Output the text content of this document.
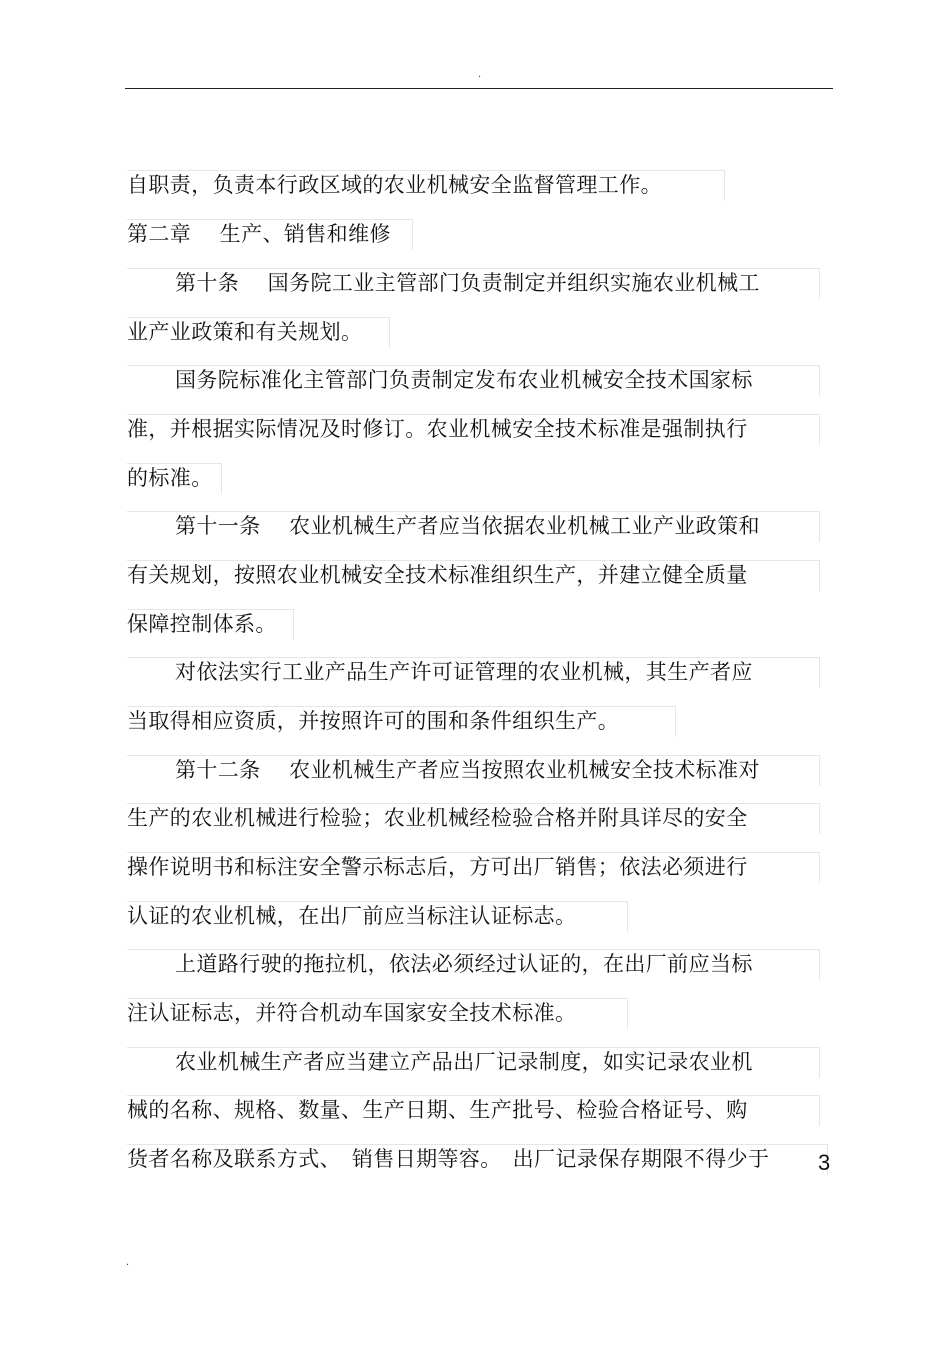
.
自职责，负责本行政区域的农业机械安全监督管理工作。
第二章　 生产、销售和维修
第十条　 国务院工业主管部门负责制定并组织实施农业机械工
业产业政策和有关规划。
国务院标准化主管部门负责制定发布农业机械安全技术国家标
准，并根据实际情况及时修订。农业机械安全技术标准是强制执行
的标准。
第十一条　 农业机械生产者应当依据农业机械工业产业政策和
有关规划，按照农业机械安全技术标准组织生产，并建立健全质量
保障控制体系。
对依法实行工业产品生产许可证管理的农业机械，其生产者应
当取得相应资质，并按照许可的围和条件组织生产。
第十二条　 农业机械生产者应当按照农业机械安全技术标准对
生产的农业机械进行检验；农业机械经检验合格并附具详尽的安全
操作说明书和标注安全警示标志后，方可出厂销售；依法必须进行
认证的农业机械，在出厂前应当标注认证标志。
上道路行驶的拖拉机，依法必须经过认证的，在出厂前应当标
注认证标志，并符合机动车国家安全技术标准。
农业机械生产者应当建立产品出厂记录制度，如实记录农业机
械的名称、规格、数量、生产日期、生产批号、检验合格证号、购
货者名称及联系方式、　销售日期等容。　出厂记录保存期限不得少于 3
.
